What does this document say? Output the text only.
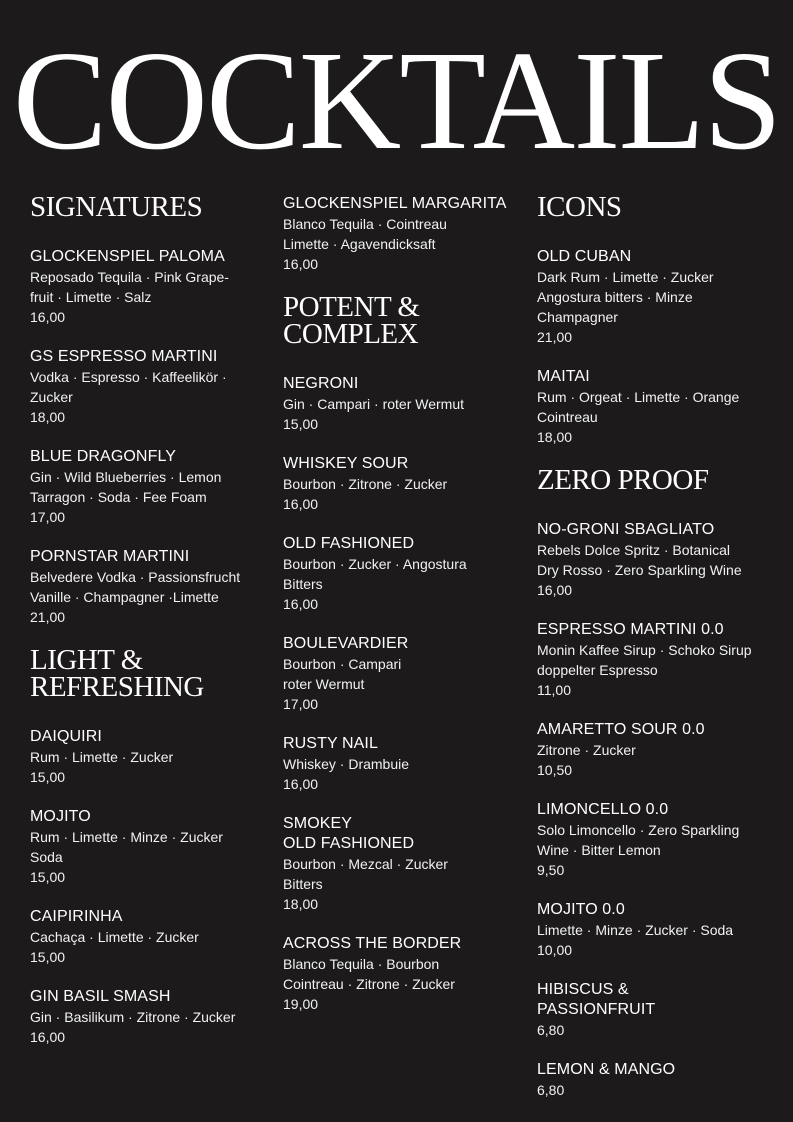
COCKTAILS
SIGNATURES
GLOCKENSPIEL PALOMA
Reposado Tequila · Pink Grape-
fruit · Limette · Salz
16,00
GS ESPRESSO MARTINI
Vodka · Espresso · Kaffeelikör ·
Zucker
18,00
BLUE DRAGONFLY
Gin · Wild Blueberries · Lemon
Tarragon · Soda · Fee Foam
17,00
PORNSTAR MARTINI
Belvedere Vodka · Passionsfrucht
Vanille · Champagner ·Limette
21,00
LIGHT &
REFRESHING
DAIQUIRI
Rum · Limette · Zucker
15,00
MOJITO
Rum · Limette · Minze · Zucker
Soda
15,00
CAIPIRINHA
Cachaça · Limette · Zucker
15,00
GIN BASIL SMASH
Gin · Basilikum · Zitrone · Zucker
16,00
GLOCKENSPIEL MARGARITA
Blanco Tequila · Cointreau
Limette · Agavendicksaft
16,00
POTENT &
COMPLEX
NEGRONI
Gin · Campari · roter Wermut
15,00
WHISKEY SOUR
Bourbon · Zitrone · Zucker
16,00
OLD FASHIONED
Bourbon · Zucker · Angostura
Bitters
16,00
BOULEVARDIER
Bourbon · Campari
roter Wermut
17,00
RUSTY NAIL
Whiskey · Drambuie
16,00
SMOKEY
OLD FASHIONED
Bourbon · Mezcal · Zucker
Bitters
18,00
ACROSS THE BORDER
Blanco Tequila · Bourbon
Cointreau · Zitrone · Zucker
19,00
ICONS
OLD CUBAN
Dark Rum · Limette · Zucker
Angostura bitters · Minze
Champagner
21,00
MAITAI
Rum · Orgeat · Limette · Orange
Cointreau
18,00
ZERO PROOF
NO-GRONI SBAGLIATO
Rebels Dolce Spritz · Botanical
Dry Rosso · Zero Sparkling Wine
16,00
ESPRESSO MARTINI 0.0
Monin Kaffee Sirup · Schoko Sirup
doppelter Espresso
11,00
AMARETTO SOUR 0.0
Zitrone · Zucker
10,50
LIMONCELLO 0.0
Solo Limoncello · Zero Sparkling
Wine · Bitter Lemon
9,50
MOJITO 0.0
Limette · Minze · Zucker · Soda
10,00
HIBISCUS &
PASSIONFRUIT
6,80
LEMON & MANGO
6,80
